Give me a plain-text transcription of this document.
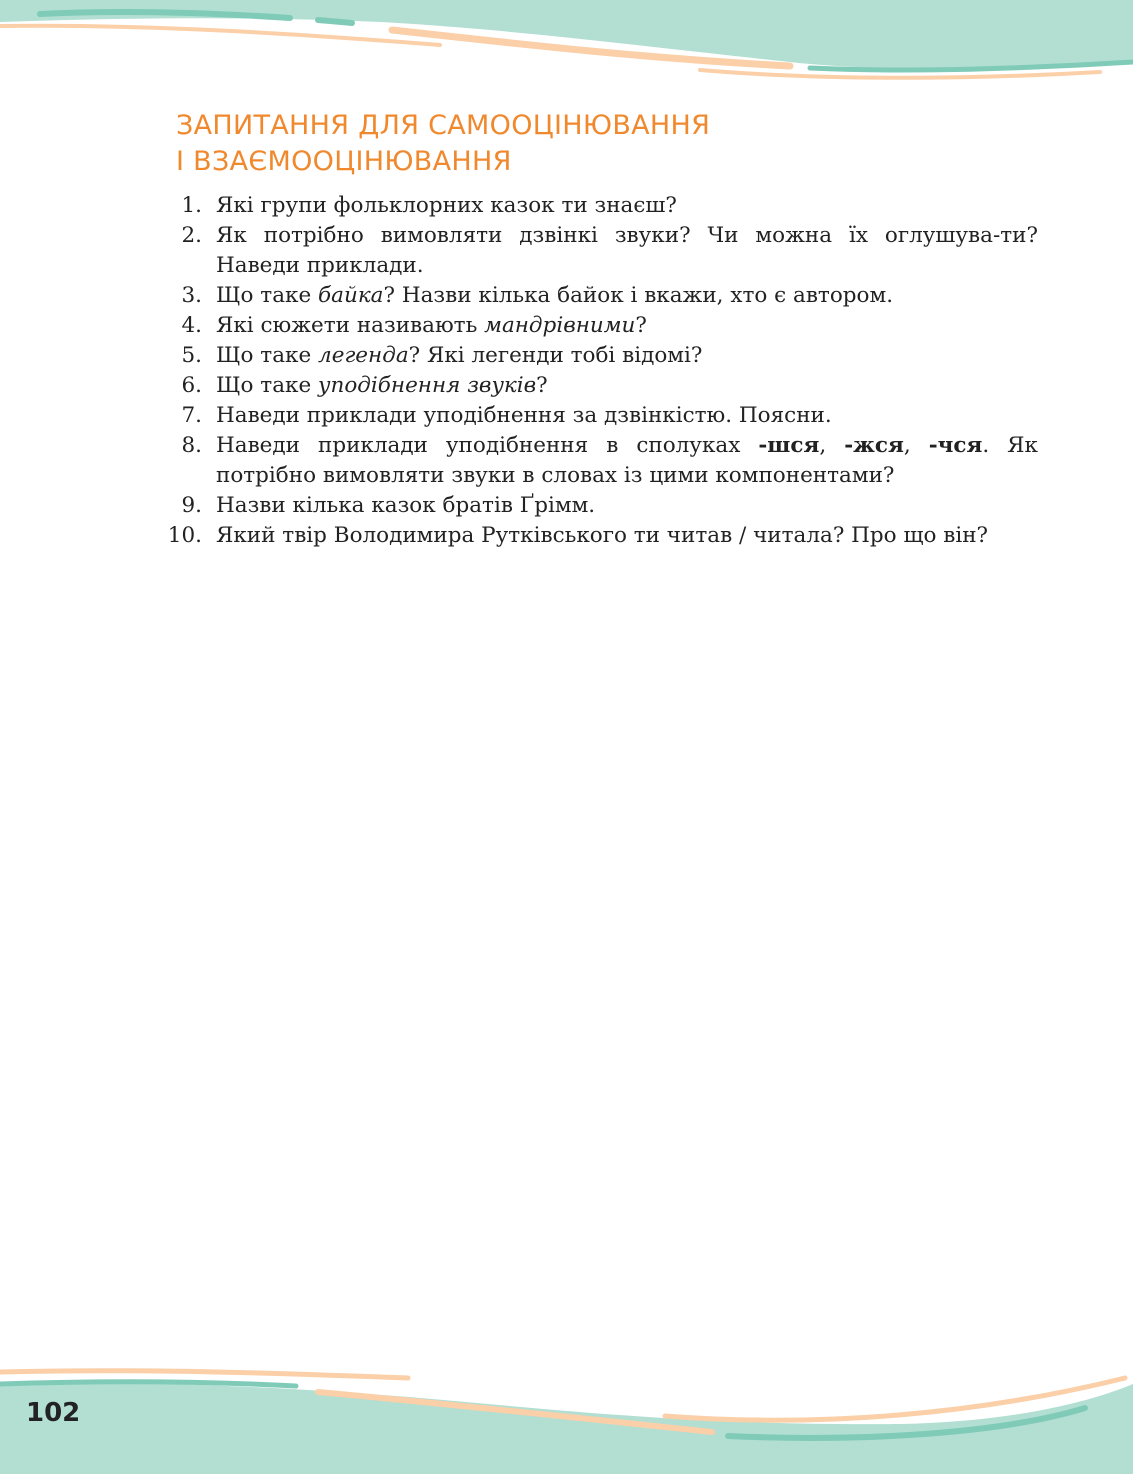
ЗАПИТАННЯ ДЛЯ САМООЦІНЮВАННЯ
І ВЗАЄМООЦІНЮВАННЯ
1. Які групи фольклорних казок ти знаєш?
2. Як потрібно вимовляти дзвінкі звуки? Чи можна їх оглушува-ти? Наведи приклади.
3. Що таке байка? Назви кілька байок і вкажи, хто є автором.
4. Які сюжети називають мандрівними?
5. Що таке легенда? Які легенди тобі відомі?
6. Що таке уподібнення звуків?
7. Наведи приклади уподібнення за дзвінкістю. Поясни.
8. Наведи приклади уподібнення в сполуках -шся, -жся, -чся. Як потрібно вимовляти звуки в словах із цими компонентами?
9. Назви кілька казок братів Ґрімм.
10. Який твір Володимира Рутківського ти читав / читала? Про що він?
102
